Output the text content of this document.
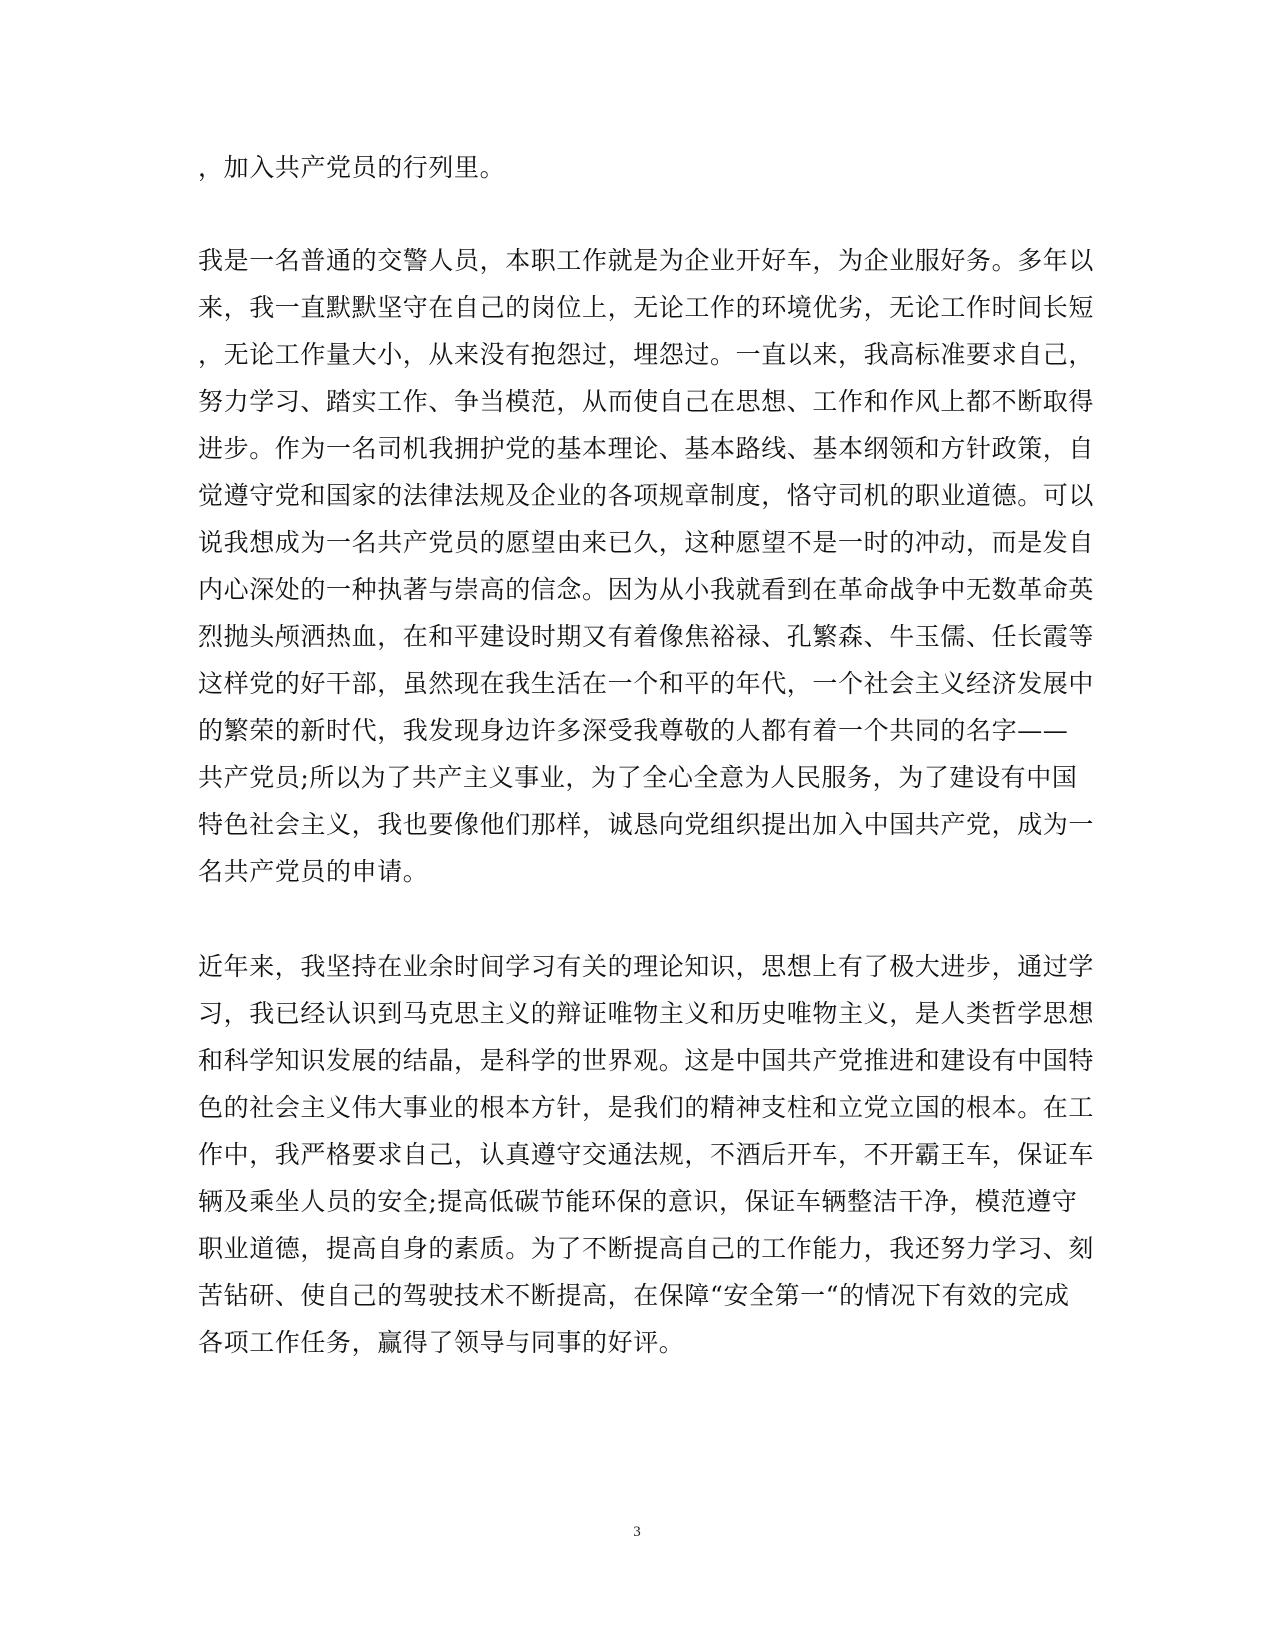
，加入共产党员的行列里。
我是一名普通的交警人员，本职工作就是为企业开好车，为企业服好务。多年以
来，我一直默默坚守在自己的岗位上，无论工作的环境优劣，无论工作时间长短
，无论工作量大小，从来没有抱怨过，埋怨过。一直以来，我高标准要求自己，
努力学习、踏实工作、争当模范，从而使自己在思想、工作和作风上都不断取得
进步。作为一名司机我拥护党的基本理论、基本路线、基本纲领和方针政策，自
觉遵守党和国家的法律法规及企业的各项规章制度，恪守司机的职业道德。可以
说我想成为一名共产党员的愿望由来已久，这种愿望不是一时的冲动，而是发自
内心深处的一种执著与崇高的信念。因为从小我就看到在革命战争中无数革命英
烈抛头颅洒热血，在和平建设时期又有着像焦裕禄、孔繁森、牛玉儒、任长霞等
这样党的好干部，虽然现在我生活在一个和平的年代，一个社会主义经济发展中
的繁荣的新时代，我发现身边许多深受我尊敬的人都有着一个共同的名字——
共产党员;所以为了共产主义事业，为了全心全意为人民服务，为了建设有中国
特色社会主义，我也要像他们那样，诚恳向党组织提出加入中国共产党，成为一
名共产党员的申请。
近年来，我坚持在业余时间学习有关的理论知识，思想上有了极大进步，通过学
习，我已经认识到马克思主义的辩证唯物主义和历史唯物主义，是人类哲学思想
和科学知识发展的结晶，是科学的世界观。这是中国共产党推进和建设有中国特
色的社会主义伟大事业的根本方针，是我们的精神支柱和立党立国的根本。在工
作中，我严格要求自己，认真遵守交通法规，不酒后开车，不开霸王车，保证车
辆及乘坐人员的安全;提高低碳节能环保的意识，保证车辆整洁干净，模范遵守
职业道德，提高自身的素质。为了不断提高自己的工作能力，我还努力学习、刻
苦钻研、使自己的驾驶技术不断提高，在保障“安全第一“的情况下有效的完成
各项工作任务，赢得了领导与同事的好评。
3
